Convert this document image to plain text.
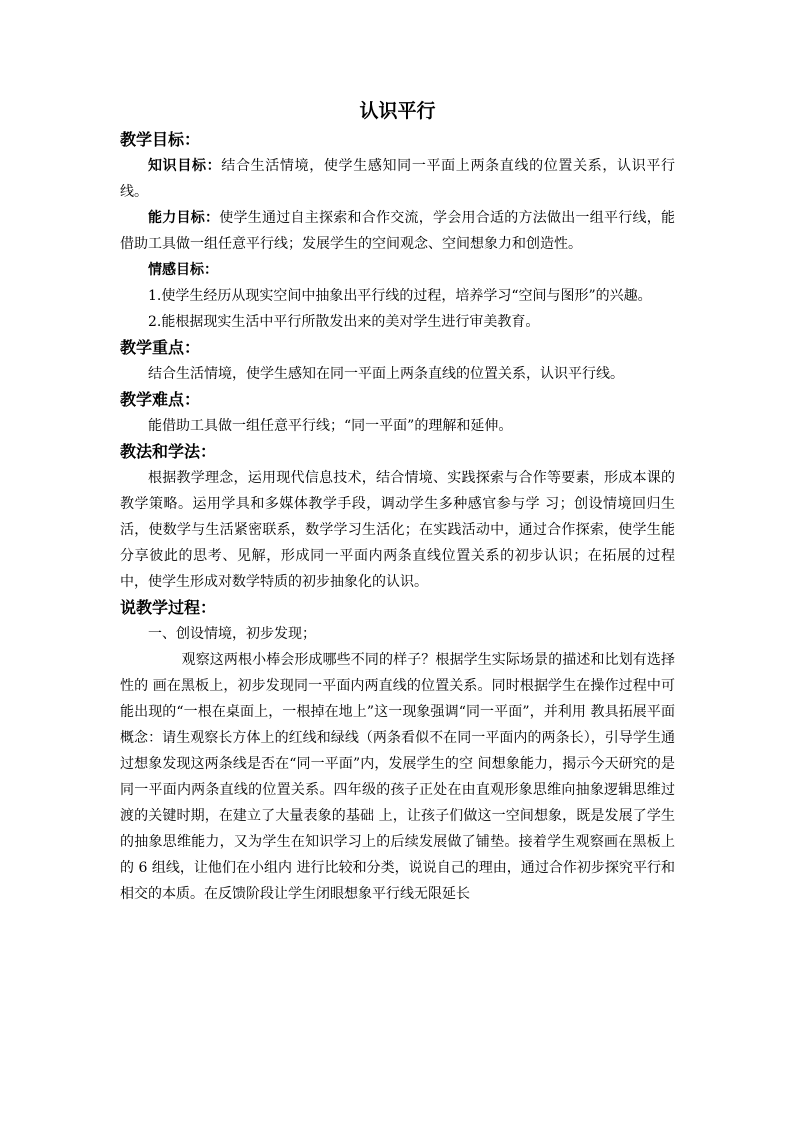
认识平行
教学目标：

知识目标：结合生活情境，使学生感知同一平面上两条直线的位置关系，认识平行线。

能力目标：使学生通过自主探索和合作交流，学会用合适的方法做出一组平行线，能借助工具做一组任意平行线；发展学生的空间观念、空间想象力和创造性。

情感目标：

1.使学生经历从现实空间中抽象出平行线的过程，培养学习“空间与图形”的兴趣。

2.能根据现实生活中平行所散发出来的美对学生进行审美教育。

教学重点：

结合生活情境，使学生感知在同一平面上两条直线的位置关系，认识平行线。

教学难点：

能借助工具做一组任意平行线；“同一平面”的理解和延伸。

教法和学法：

根据教学理念，运用现代信息技术，结合情境、实践探索与合作等要素，形成本课的教学策略。运用学具和多媒体教学手段，调动学生多种感官参与学 习；创设情境回归生活，使数学与生活紧密联系，数学学习生活化；在实践活动中，通过合作探索，使学生能分享彼此的思考、见解，形成同一平面内两条直线位置关系的初步认识；在拓展的过程中，使学生形成对数学特质的初步抽象化的认识。

说教学过程：

一、创设情境，初步发现；

观察这两根小棒会形成哪些不同的样子？根据学生实际场景的描述和比划有选择性的 画在黑板上，初步发现同一平面内两直线的位置关系。同时根据学生在操作过程中可能出现的“一根在桌面上，一根掉在地上”这一现象强调“同一平面”，并利用 教具拓展平面概念：请生观察长方体上的红线和绿线（两条看似不在同一平面内的两条长），引导学生通过想象发现这两条线是否在“同一平面”内，发展学生的空 间想象能力，揭示今天研究的是同一平面内两条直线的位置关系。四年级的孩子正处在由直观形象思维向抽象逻辑思维过渡的关键时期，在建立了大量表象的基础 上，让孩子们做这一空间想象，既是发展了学生的抽象思维能力，又为学生在知识学习上的后续发展做了铺垫。接着学生观察画在黑板上的 6 组线，让他们在小组内 进行比较和分类，说说自己的理由，通过合作初步探究平行和相交的本质。在反馈阶段让学生闭眼想象平行线无限延长
